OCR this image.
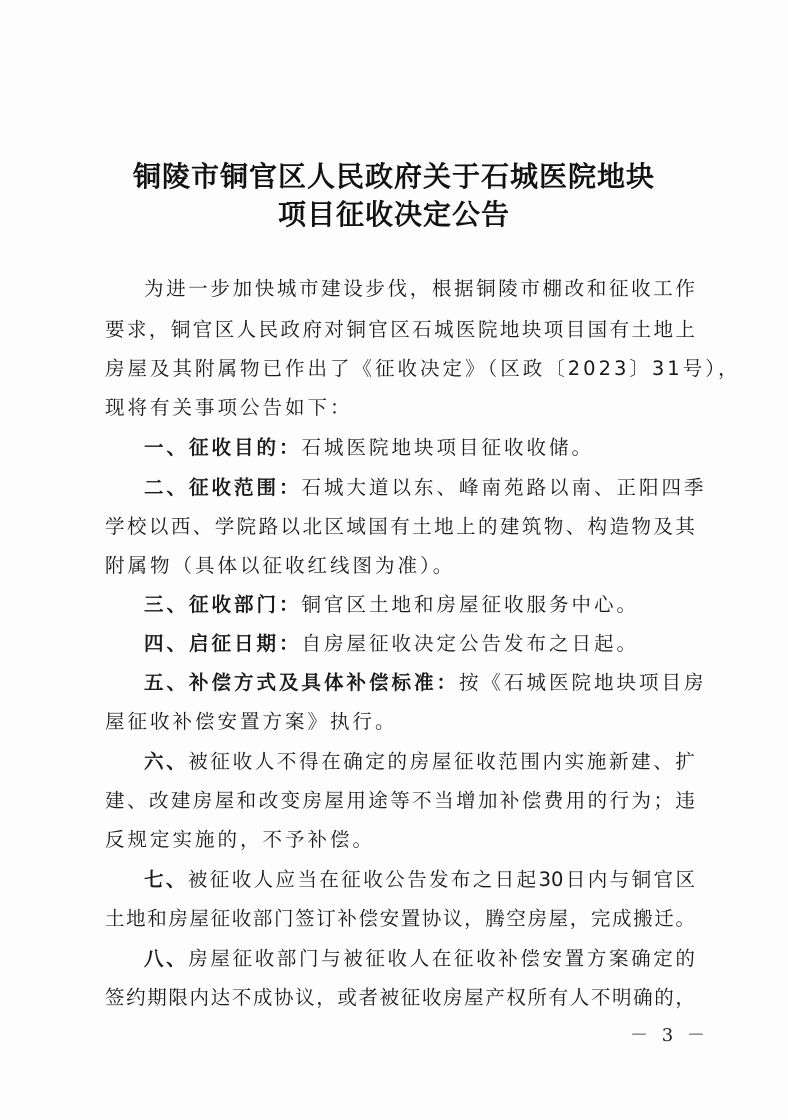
铜陵市铜官区人民政府关于石城医院地块
项目征收决定公告
为 进 一 步 加 快 城 市 建 设 步 伐 ， 根 据 铜 陵 市 棚 改 和 征 收 工 作
要 求 ， 铜 官 区 人 民 政 府 对 铜 官 区 石 城 医 院 地 块 项 目 国 有 土 地 上
房屋及其附属物已作出了《征收决定》（区政〔2023〕31号），
现将有关事项公告如下：
一、征收目的： 石城医院地块项目征收收储。
二、征收范围： 石城大道以东、峰南苑路以南、正阳四季
学 校 以 西 、 学 院 路 以 北 区 域 国 有 土 地 上 的 建 筑 物 、 构 造 物 及 其
附属物（具体以征收红线图为准）。
三、征收部门： 铜官区土地和房屋征收服务中心。
四、启征日期： 自房屋征收决定公告发布之日起。
五、补偿方式及具体补偿标准： 按《石城医院地块项目房
屋征收补偿安置方案》执行。
六 、 被 征 收 人 不 得 在 确 定 的 房 屋 征 收 范 围 内 实 施 新 建 、 扩
建 、 改 建 房 屋 和 改 变 房 屋 用 途 等 不 当 增 加 补 偿 费 用 的 行 为 ； 违
反规定实施的，不予补偿。
七 、 被 征 收 人 应 当 在 征 收 公 告 发 布 之 日 起 30 日 内 与 铜 官 区
土 地 和 房 屋 征 收 部 门 签 订 补 偿 安 置 协 议 ， 腾 空 房 屋 ， 完 成 搬 迁 。
八 、 房 屋 征 收 部 门 与 被 征 收 人 在 征 收 补 偿 安 置 方 案 确 定 的
签 约 期 限 内 达 不 成 协 议 ， 或 者 被 征 收 房 屋 产 权 所 有 人 不 明 确 的 ，
－ 3 －
